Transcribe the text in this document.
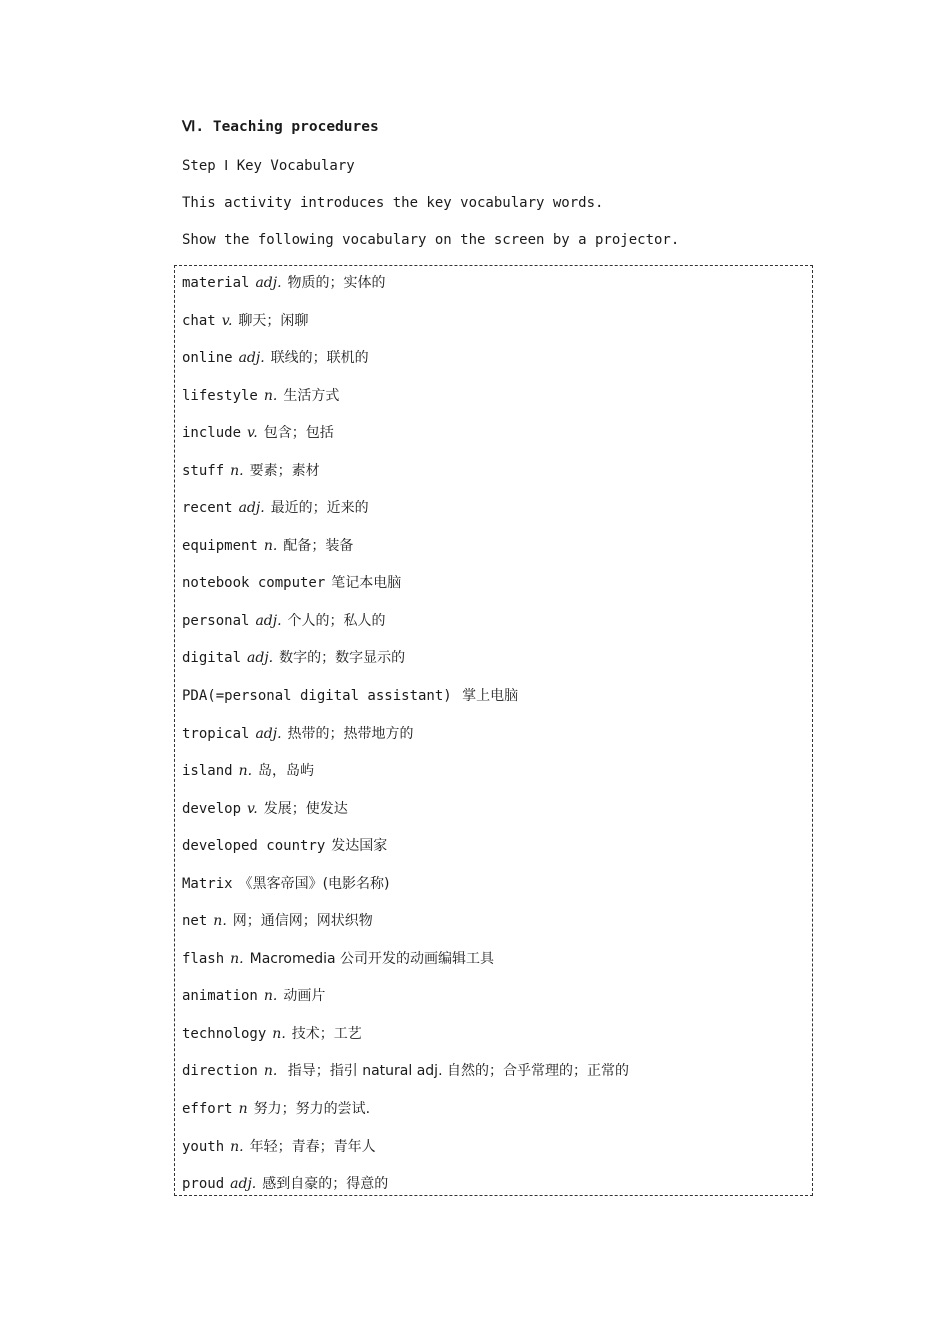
Ⅵ. Teaching procedures
Step Ⅰ Key Vocabulary
This activity introduces the key vocabulary words.
Show the following vocabulary on the screen by a projector.
material adj. 物质的；实体的
chat v. 聊天；闲聊
online adj. 联线的；联机的
lifestyle n. 生活方式
include v. 包含；包括
stuff n. 要素；素材
recent adj. 最近的；近来的
equipment n. 配备；装备
notebook computer 笔记本电脑
personal adj. 个人的；私人的
digital adj. 数字的；数字显示的
PDA(=personal digital assistant) 掌上电脑
tropical adj. 热带的；热带地方的
island n. 岛，岛屿
develop v. 发展；使发达
developed country 发达国家
Matrix 《黑客帝国》(电影名称)
net n. 网；通信网；网状织物
flash n. Macromedia 公司开发的动画编辑工具
animation n. 动画片
technology n. 技术；工艺
direction n. 指导；指引 natural adj. 自然的；合乎常理的；正常的
effort n 努力；努力的尝试.
youth n. 年轻；青春；青年人
proud adj. 感到自豪的；得意的
